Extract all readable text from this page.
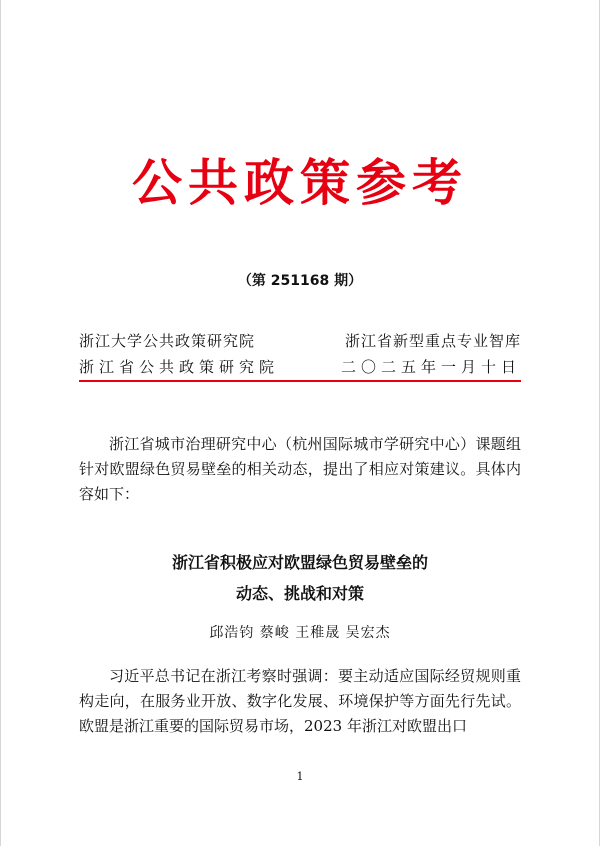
公共政策参考
（第 251168 期）
浙江大学公共政策研究院	浙江省新型重点专业智库
浙江省公共政策研究院	二〇二五年一月十日
浙江省城市治理研究中心（杭州国际城市学研究中心）课题组针对欧盟绿色贸易壁垒的相关动态，提出了相应对策建议。具体内容如下：
浙江省积极应对欧盟绿色贸易壁垒的
动态、挑战和对策
邱浩钧 蔡峻 王稚晟 吴宏杰
习近平总书记在浙江考察时强调：要主动适应国际经贸规则重构走向，在服务业开放、数字化发展、环境保护等方面先行先试。欧盟是浙江重要的国际贸易市场，2023 年浙江对欧盟出口
1
